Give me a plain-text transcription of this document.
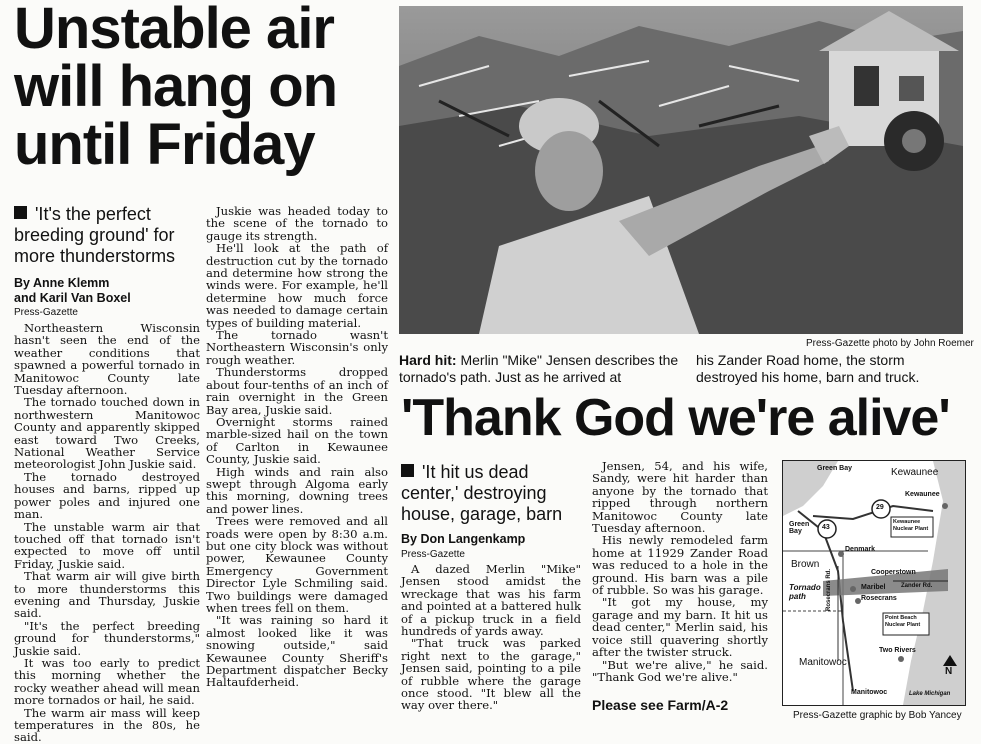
Unstable air
will hang on
until Friday
'It's the perfect breeding ground' for more thunderstorms
By Anne Klemm
and Karil Van Boxel
Press-Gazette

Northeastern Wisconsin hasn't seen the end of the weather conditions that spawned a powerful tornado in Manitowoc County late Tuesday afternoon.

The tornado touched down in northwestern Manitowoc County and apparently skipped east toward Two Creeks, National Weather Service meteorologist John Juskie said.

The tornado destroyed houses and barns, ripped up power poles and injured one man.

The unstable warm air that touched off that tornado isn't expected to move off until Friday, Juskie said.

That warm air will give birth to more thunderstorms this evening and Thursday, Juskie said.

"It's the perfect breeding ground for thunderstorms," Juskie said.

It was too early to predict this morning whether the rocky weather ahead will mean more tornados or hail, he said.

The warm air mass will keep temperatures in the 80s, he said.

Juskie was headed today to the scene of the tornado to gauge its strength.

He'll look at the path of destruction cut by the tornado and determine how strong the winds were. For example, he'll determine how much force was needed to damage certain types of building material.

The tornado wasn't Northeastern Wisconsin's only rough weather.

Thunderstorms dropped about four-tenths of an inch of rain overnight in the Green Bay area, Juskie said.

Overnight storms rained marble-sized hail on the town of Carlton in Kewaunee County, Juskie said.

High winds and rain also swept through Algoma early this morning, downing trees and power lines.

Trees were removed and all roads were open by 8:30 a.m. but one city block was without power, Kewaunee County Emergency Government Director Lyle Schmiling said. Two buildings were damaged when trees fell on them.

"It was raining so hard it almost looked like it was snowing outside," said Kewaunee County Sheriff's Department dispatcher Becky Haltaufderheid.

Press-Gazette photo by John Roemer
Hard hit: Merlin "Mike" Jensen describes the tornado's path. Just as he arrived at
his Zander Road home, the storm destroyed his home, barn and truck.
'Thank God we're alive'
'It hit us dead center,' destroying house, garage, barn
By Don Langenkamp
Press-Gazette

A dazed Merlin "Mike" Jensen stood amidst the wreckage that was his farm and pointed at a battered hulk of a pickup truck in a field hundreds of yards away.

"That truck was parked right next to the garage," Jensen said, pointing to a pile of rubble where the garage once stood. "It blew all the way over there."

Jensen, 54, and his wife, Sandy, were hit harder than anyone by the tornado that ripped through northern Manitowoc County late Tuesday afternoon.

His newly remodeled farm home at 11929 Zander Road was reduced to a hole in the ground. His barn was a pile of rubble. So was his garage.

"It got my house, my garage and my barn. It hit us dead center," Merlin said, his voice still quavering shortly after the twister struck.

"But we're alive," he said. "Thank God we're alive."

Please see Farm/A-2
Green Bay	Kewaunee
Kewaunee
Green Bay
43
29
Kewaunee Nuclear Plant
Denmark
Brown
Cooperstown
Zander Rd.
Maribel
Rosecrans
Tornado path	Rosecrans Rd.
Point Beach Nuclear Plant
Two Rivers
Manitowoc
Manitowoc	Lake Michigan
N
Press-Gazette graphic by Bob Yancey
